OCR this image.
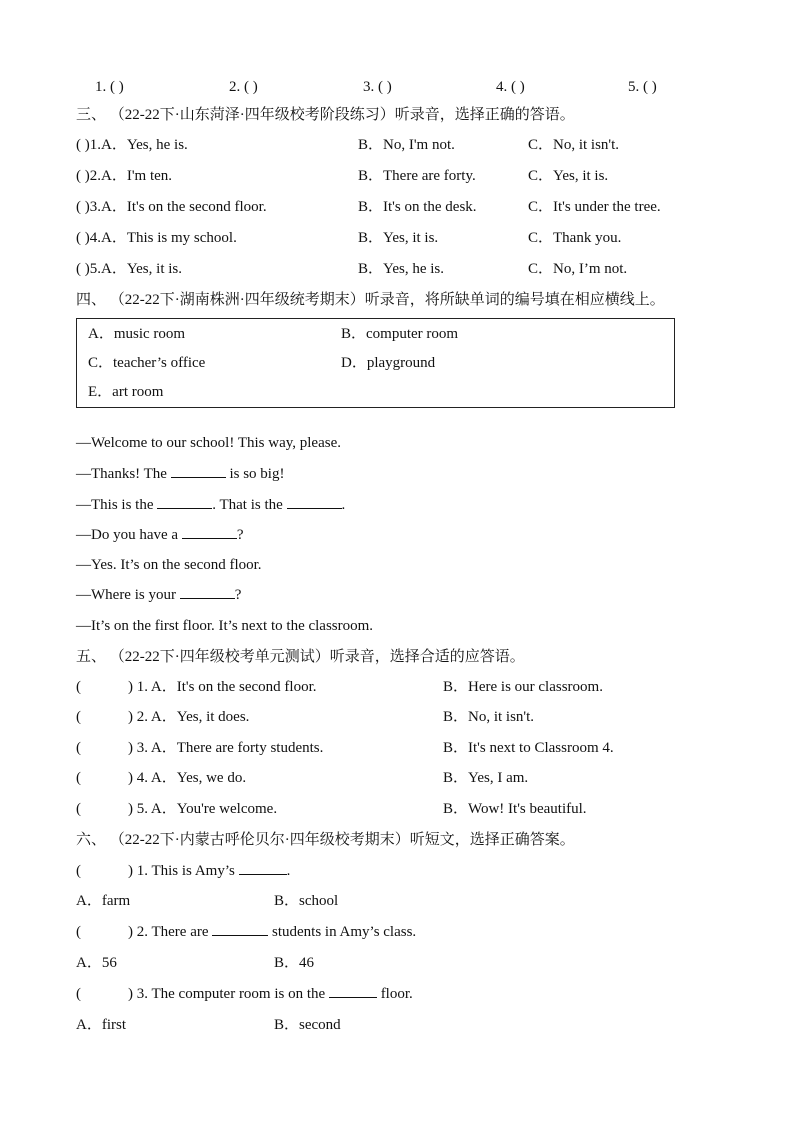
1. ( )	2. ( )	3. ( )	4. ( )	5. ( )
三、 （22-22下·山东菏泽·四年级校考阶段练习）听录音，选择正确的答语。
( )1.A．Yes, he is.	B．No, I'm not.	C．No, it isn't.
( )2.A．I'm ten.	B．There are forty.	C．Yes, it is.
( )3.A．It's on the second floor.	B．It's on the desk.	C．It's under the tree.
( )4.A．This is my school.	B．Yes, it is.	C．Thank you.
( )5.A．Yes, it is.	B．Yes, he is.	C．No, I’m not.
四、 （22-22下·湖南株洲·四年级统考期末）听录音，将所缺单词的编号填在相应横线上。
A．music room	B．computer room
C．teacher’s office	D．playground
E．art room
—Welcome to our school! This way, please.
—Thanks! The	is so big!
—This is the	. That is the	.
—Do you have a	?
—Yes. It’s on the second floor.
—Where is your	?
—It’s on the first floor. It’s next to the classroom.
五、 （22-22下·四年级校考单元测试）听录音，选择合适的应答语。
(	) 1. A．It's on the second floor.	B．Here is our classroom.
(	) 2. A．Yes, it does.	B．No, it isn't.
(	) 3. A．There are forty students.	B．It's next to Classroom 4.
(	) 4. A．Yes, we do.	B．Yes, I am.
(	) 5. A．You're welcome.	B．Wow! It's beautiful.
六、 （22-22下·内蒙古呼伦贝尔·四年级校考期末）听短文，选择正确答案。
(	) 1. This is Amy’s	.
A．farm	B．school
(	) 2. There are	students in Amy’s class.
A．56	B．46
(	) 3. The computer room is on the	floor.
A．first	B．second
